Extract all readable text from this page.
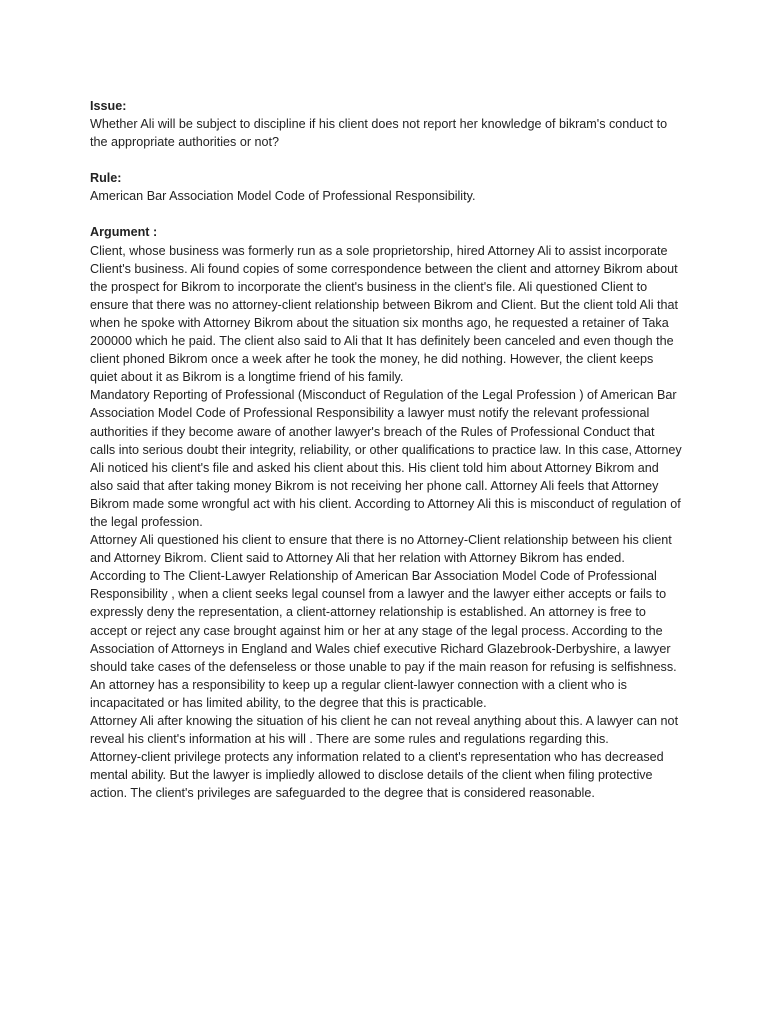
Issue:

Whether Ali will be subject to discipline if his client does not report her knowledge of bikram's conduct to the appropriate authorities or not?

Rule:

American Bar Association Model Code of Professional Responsibility.

Argument :

Client, whose business was formerly run as a sole proprietorship, hired Attorney Ali to assist incorporate Client's business. Ali found copies of some correspondence between the client and attorney Bikrom about the prospect for Bikrom to incorporate the client's business in the client's file. Ali questioned Client to ensure that there was no attorney-client relationship between Bikrom and Client. But the client told Ali that when he spoke with Attorney Bikrom about the situation six months ago, he requested a retainer of Taka 200000 which he paid. The client also said to Ali that It has definitely been canceled and even though the client phoned Bikrom once a week after he took the money, he did nothing. However, the client keeps quiet about it as Bikrom is a longtime friend of his family.

Mandatory Reporting of Professional (Misconduct of Regulation of the Legal Profession ) of American Bar Association Model Code of Professional Responsibility a lawyer must notify the relevant professional authorities if they become aware of another lawyer's breach of the Rules of Professional Conduct that calls into serious doubt their integrity, reliability, or other qualifications to practice law. In this case, Attorney Ali noticed his client's file and asked his client about this. His client told him about Attorney Bikrom and also said that after taking money Bikrom is not receiving her phone call. Attorney Ali feels that Attorney Bikrom made some wrongful act with his client. According to Attorney Ali this is misconduct of regulation of the legal profession.

Attorney Ali questioned his client to ensure that there is no Attorney-Client relationship between his client and Attorney Bikrom. Client said to Attorney Ali that her relation with Attorney Bikrom has ended. According to The Client-Lawyer Relationship of American Bar Association Model Code of Professional Responsibility , when a client seeks legal counsel from a lawyer and the lawyer either accepts or fails to expressly deny the representation, a client-attorney relationship is established. An attorney is free to accept or reject any case brought against him or her at any stage of the legal process. According to the Association of Attorneys in England and Wales chief executive Richard Glazebrook-Derbyshire, a lawyer should take cases of the defenseless or those unable to pay if the main reason for refusing is selfishness. An attorney has a responsibility to keep up a regular client-lawyer connection with a client who is incapacitated or has limited ability, to the degree that this is practicable.

Attorney Ali after knowing the situation of his client he can not reveal anything about this. A lawyer can not reveal his client's information at his will . There are some rules and regulations regarding this.

Attorney-client privilege protects any information related to a client's representation who has decreased mental ability. But the lawyer is impliedly allowed to disclose details of the client when filing protective action. The client's privileges are safeguarded to the degree that is considered reasonable.
